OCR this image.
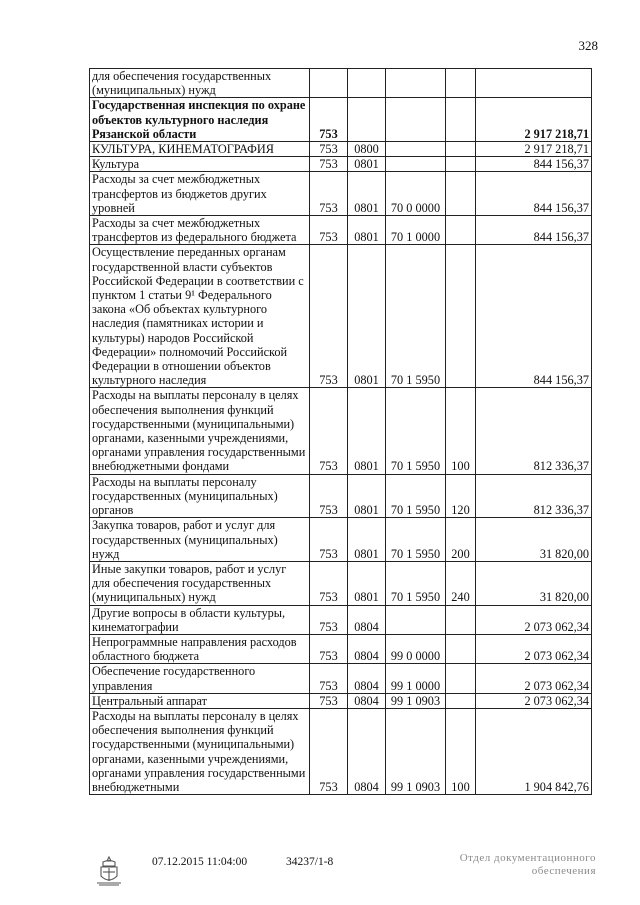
328
для обеспечения государственных (муниципальных) нужд					
Государственная инспекция по охране объектов культурного наследия Рязанской области	753				2 917 218,71
КУЛЬТУРА, КИНЕМАТОГРАФИЯ	753	0800			2 917 218,71
Культура	753	0801			844 156,37
Расходы за счет межбюджетных трансфертов из бюджетов других уровней	753	0801	70 0 0000		844 156,37
Расходы за счет межбюджетных трансфертов из федерального бюджета	753	0801	70 1 0000		844 156,37
Осуществление переданных органам государственной власти субъектов Российской Федерации в соответствии с пунктом 1 статьи 9¹ Федерального закона «Об объектах культурного наследия (памятниках истории и культуры) народов Российской Федерации» полномочий Российской Федерации в отношении объектов культурного наследия	753	0801	70 1 5950		844 156,37
Расходы на выплаты персоналу в целях обеспечения выполнения функций государственными (муниципальными) органами, казенными учреждениями, органами управления государственными внебюджетными фондами	753	0801	70 1 5950	100	812 336,37
Расходы на выплаты персоналу государственных (муниципальных) органов	753	0801	70 1 5950	120	812 336,37
Закупка товаров, работ и услуг для государственных (муниципальных) нужд	753	0801	70 1 5950	200	31 820,00
Иные закупки товаров, работ и услуг для обеспечения государственных (муниципальных) нужд	753	0801	70 1 5950	240	31 820,00
Другие вопросы в области культуры, кинематографии	753	0804			2 073 062,34
Непрограммные направления расходов областного бюджета	753	0804	99 0 0000		2 073 062,34
Обеспечение государственного управления	753	0804	99 1 0000		2 073 062,34
Центральный аппарат	753	0804	99 1 0903		2 073 062,34
Расходы на выплаты персоналу в целях обеспечения выполнения функций государственными (муниципальными) органами, казенными учреждениями, органами управления государственными внебюджетными	753	0804	99 1 0903	100	1 904 842,76
07.12.2015 11:04:00	34237/1-8	Отдел документационного
обеспечения
